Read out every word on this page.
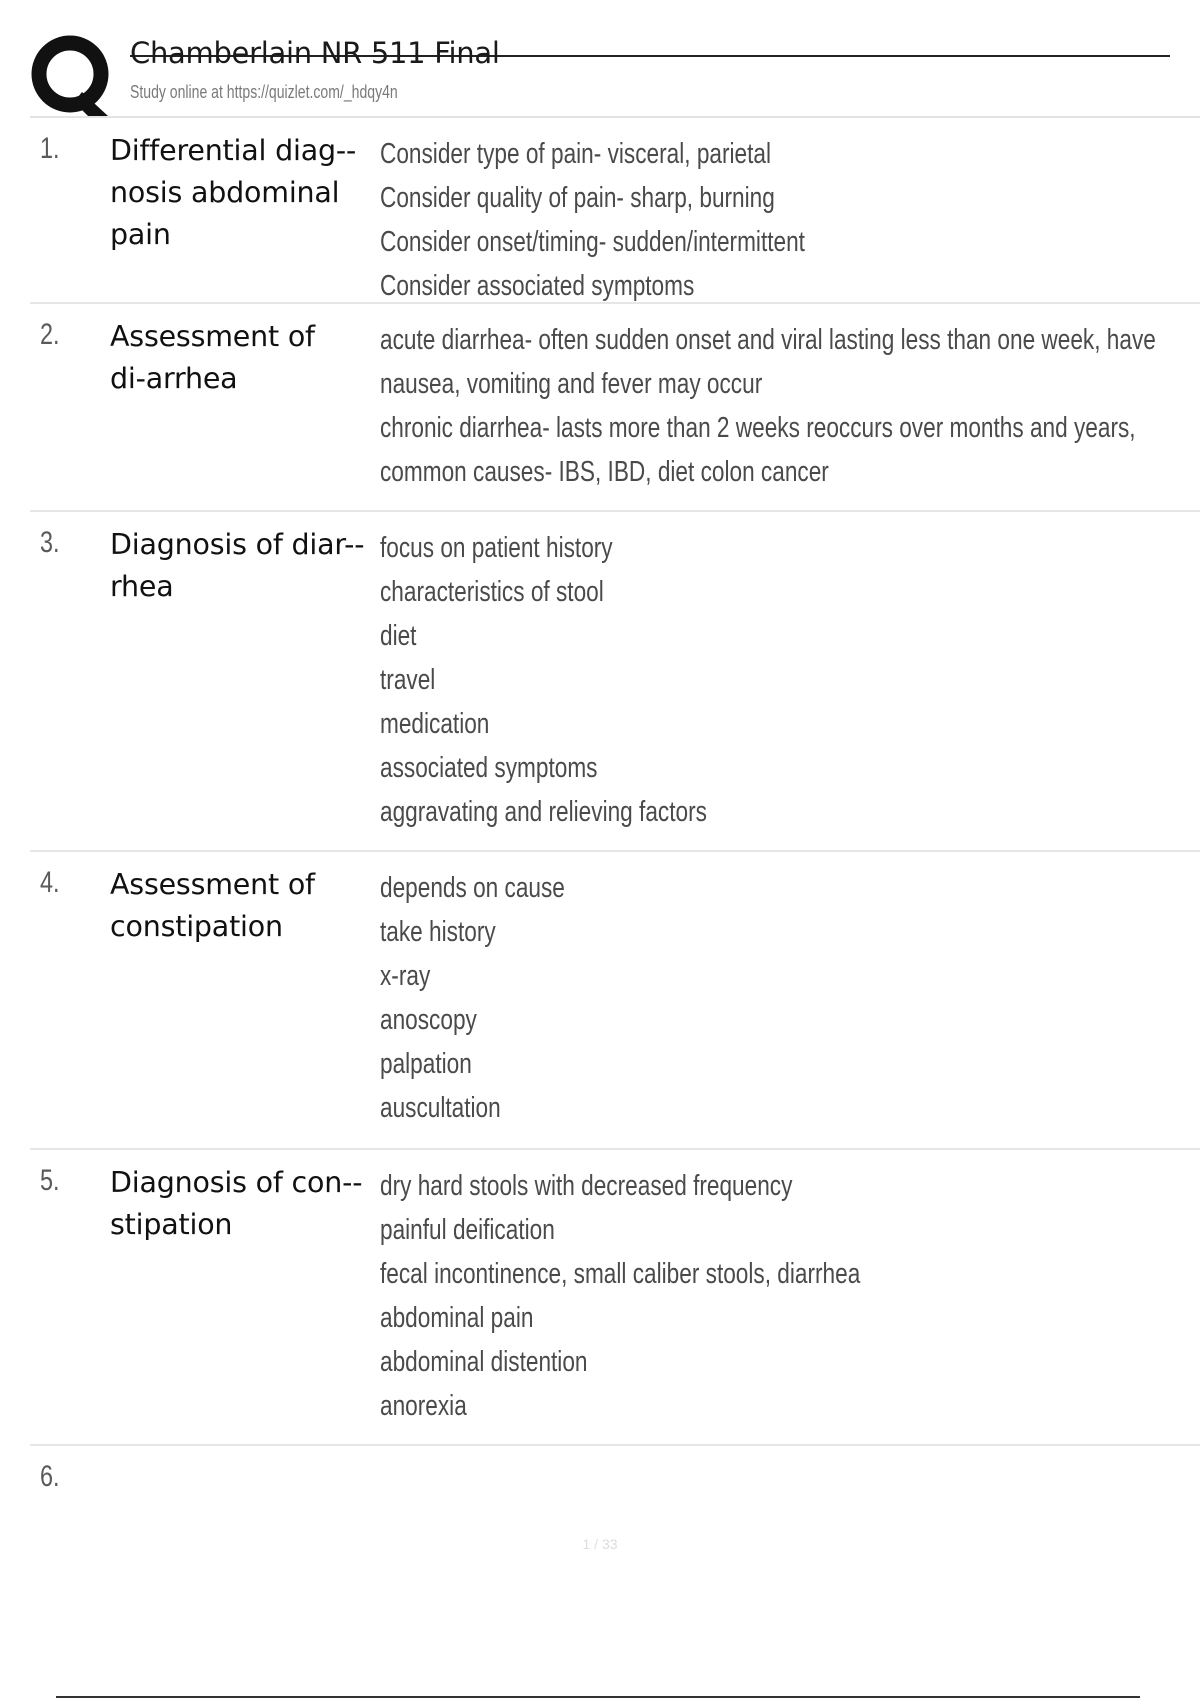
Chamberlain NR 511 Final
Study online at https://quizlet.com/_hdqy4n
1. Differential diag-nosis abdominal pain
Consider type of pain- visceral, parietal
Consider quality of pain- sharp, burning
Consider onset/timing- sudden/intermittent
Consider associated symptoms
2. Assessment of di-arrhea
acute diarrhea- often sudden onset and viral lasting less than one week, have
nausea, vomiting and fever may occur
chronic diarrhea- lasts more than 2 weeks reoccurs over months and years,
common causes- IBS, IBD, diet colon cancer
3. Diagnosis of diar-rhea
focus on patient history
characteristics of stool
diet
travel
medication
associated symptoms
aggravating and relieving factors
4. Assessment of constipation
depends on cause
take history
x-ray
anoscopy
palpation
auscultation
5. Diagnosis of con-stipation
dry hard stools with decreased frequency
painful deification
fecal incontinence, small caliber stools, diarrhea
abdominal pain
abdominal distention
anorexia
6.
1 / 33
